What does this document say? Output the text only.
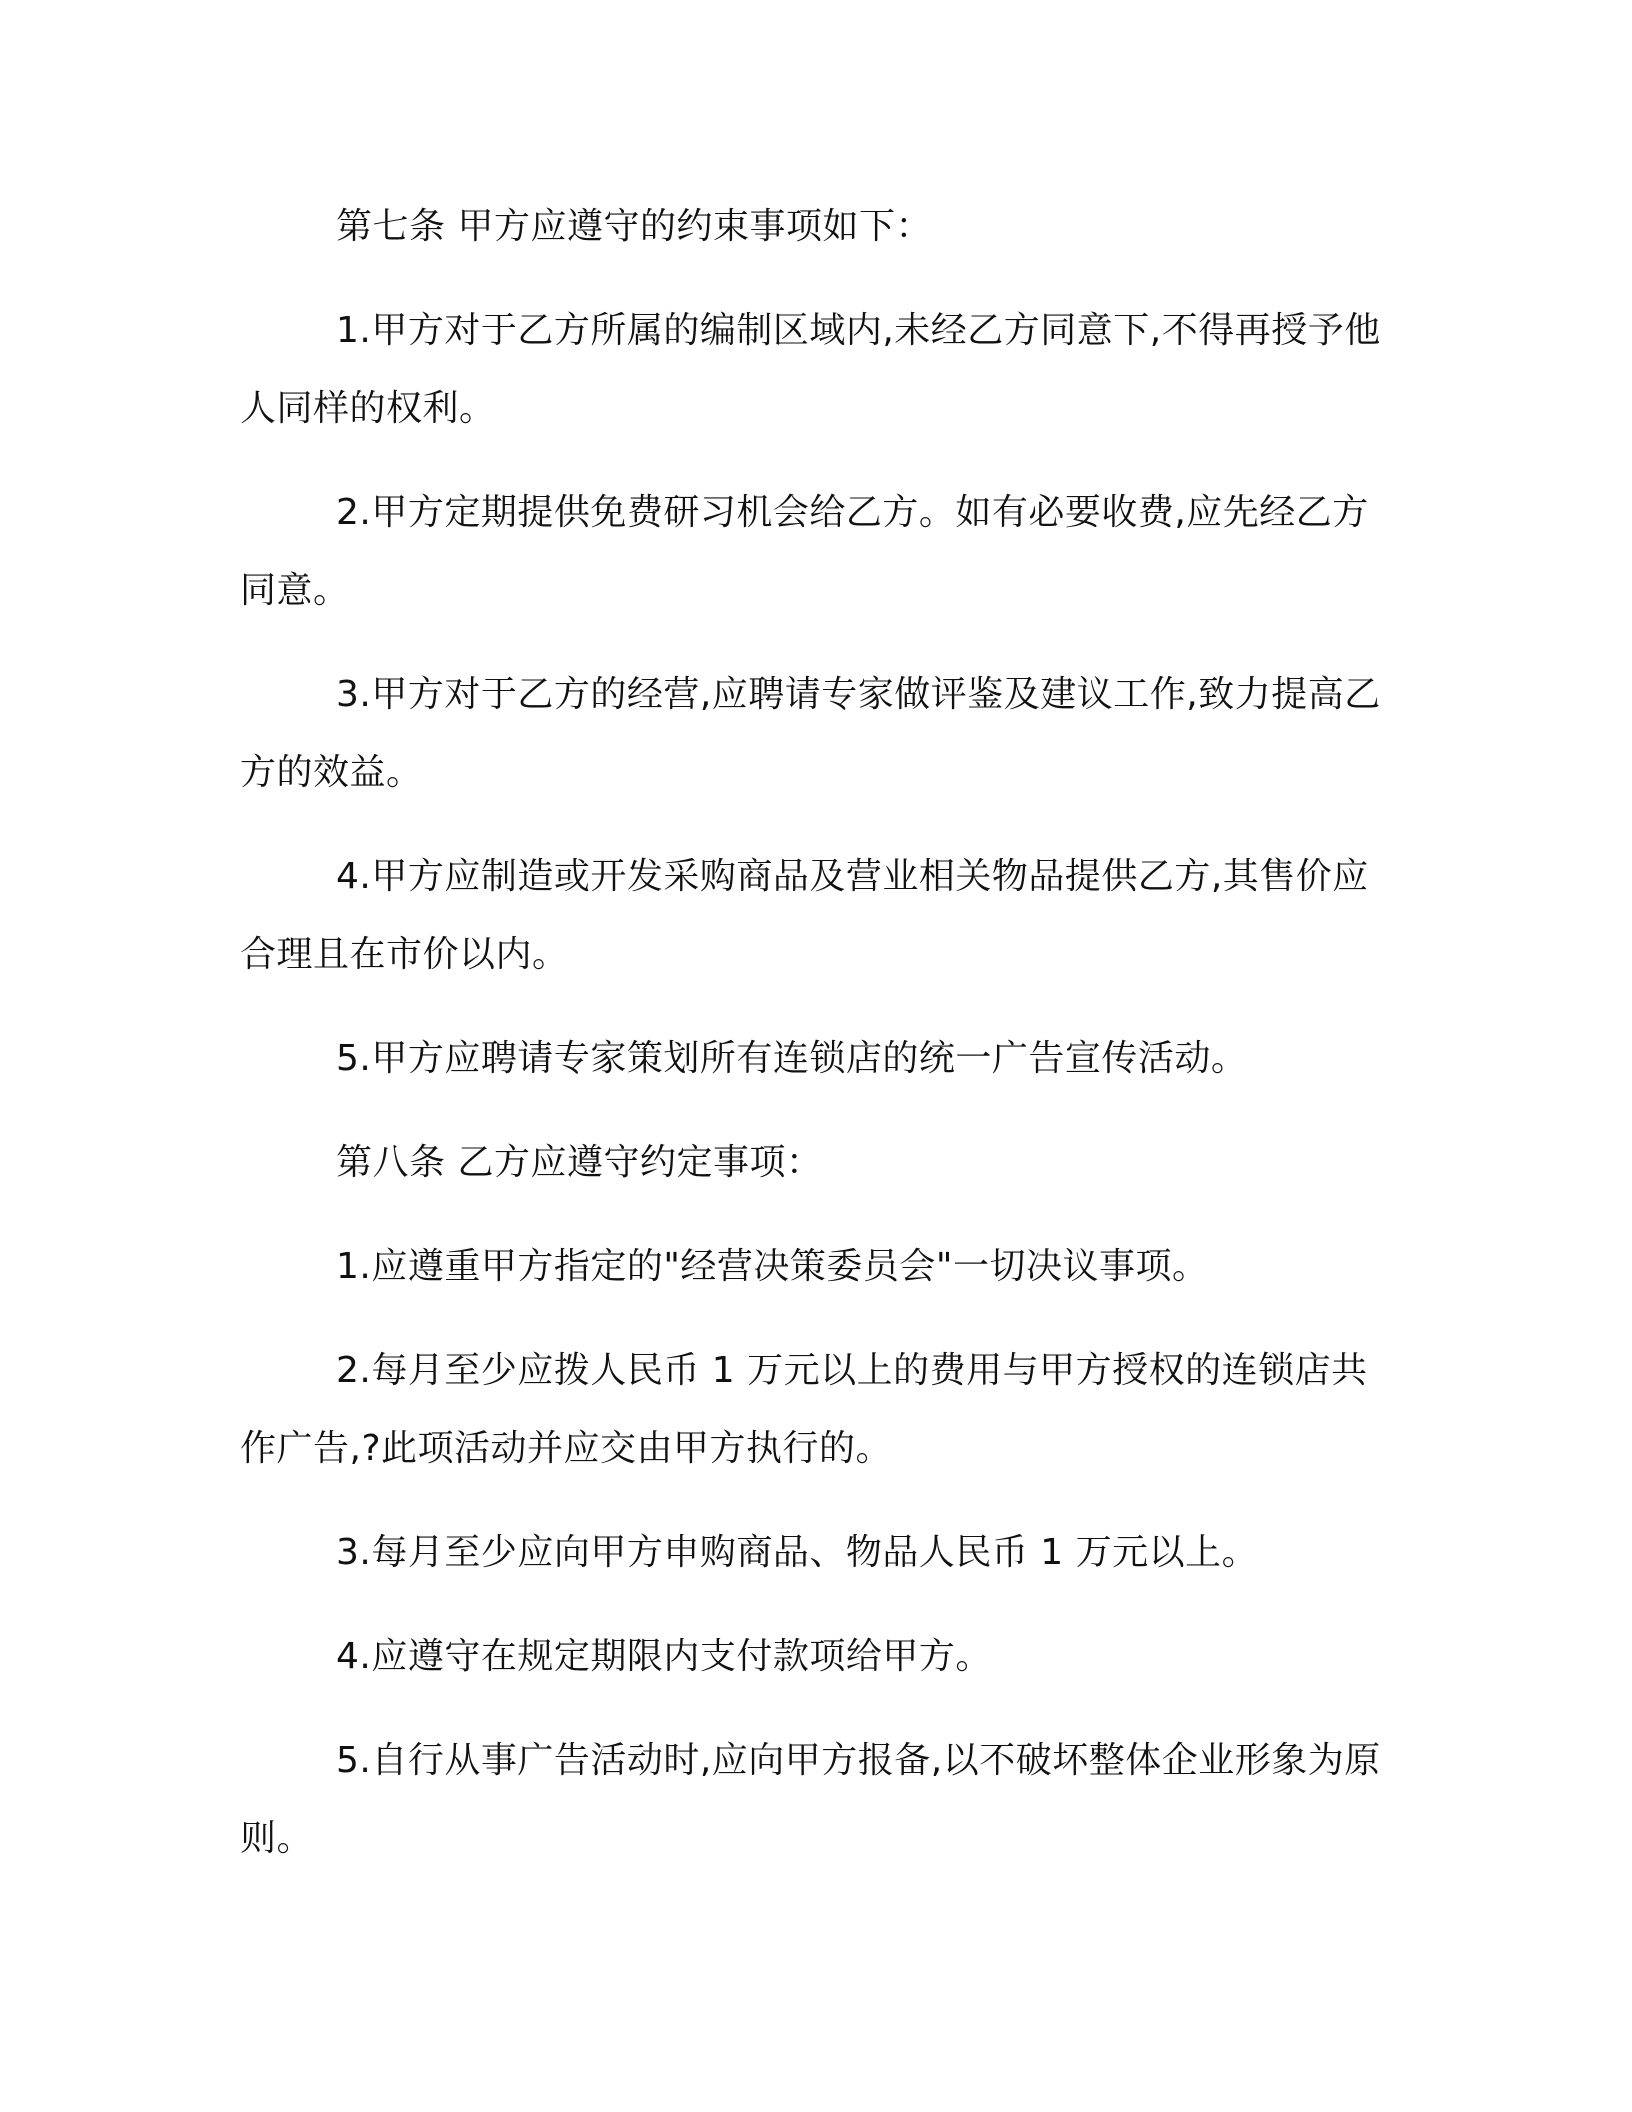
第七条 甲方应遵守的约束事项如下：

1.甲方对于乙方所属的编制区域内,未经乙方同意下,不得再授予他人同样的权利。

2.甲方定期提供免费研习机会给乙方。如有必要收费,应先经乙方同意。

3.甲方对于乙方的经营,应聘请专家做评鉴及建议工作,致力提高乙方的效益。

4.甲方应制造或开发采购商品及营业相关物品提供乙方,其售价应合理且在市价以内。

5.甲方应聘请专家策划所有连锁店的统一广告宣传活动。

第八条 乙方应遵守约定事项：

1.应遵重甲方指定的"经营决策委员会"一切决议事项。

2.每月至少应拨人民币 1 万元以上的费用与甲方授权的连锁店共作广告,?此项活动并应交由甲方执行的。

3.每月至少应向甲方申购商品、物品人民币 1 万元以上。

4.应遵守在规定期限内支付款项给甲方。

5.自行从事广告活动时,应向甲方报备,以不破坏整体企业形象为原则。
